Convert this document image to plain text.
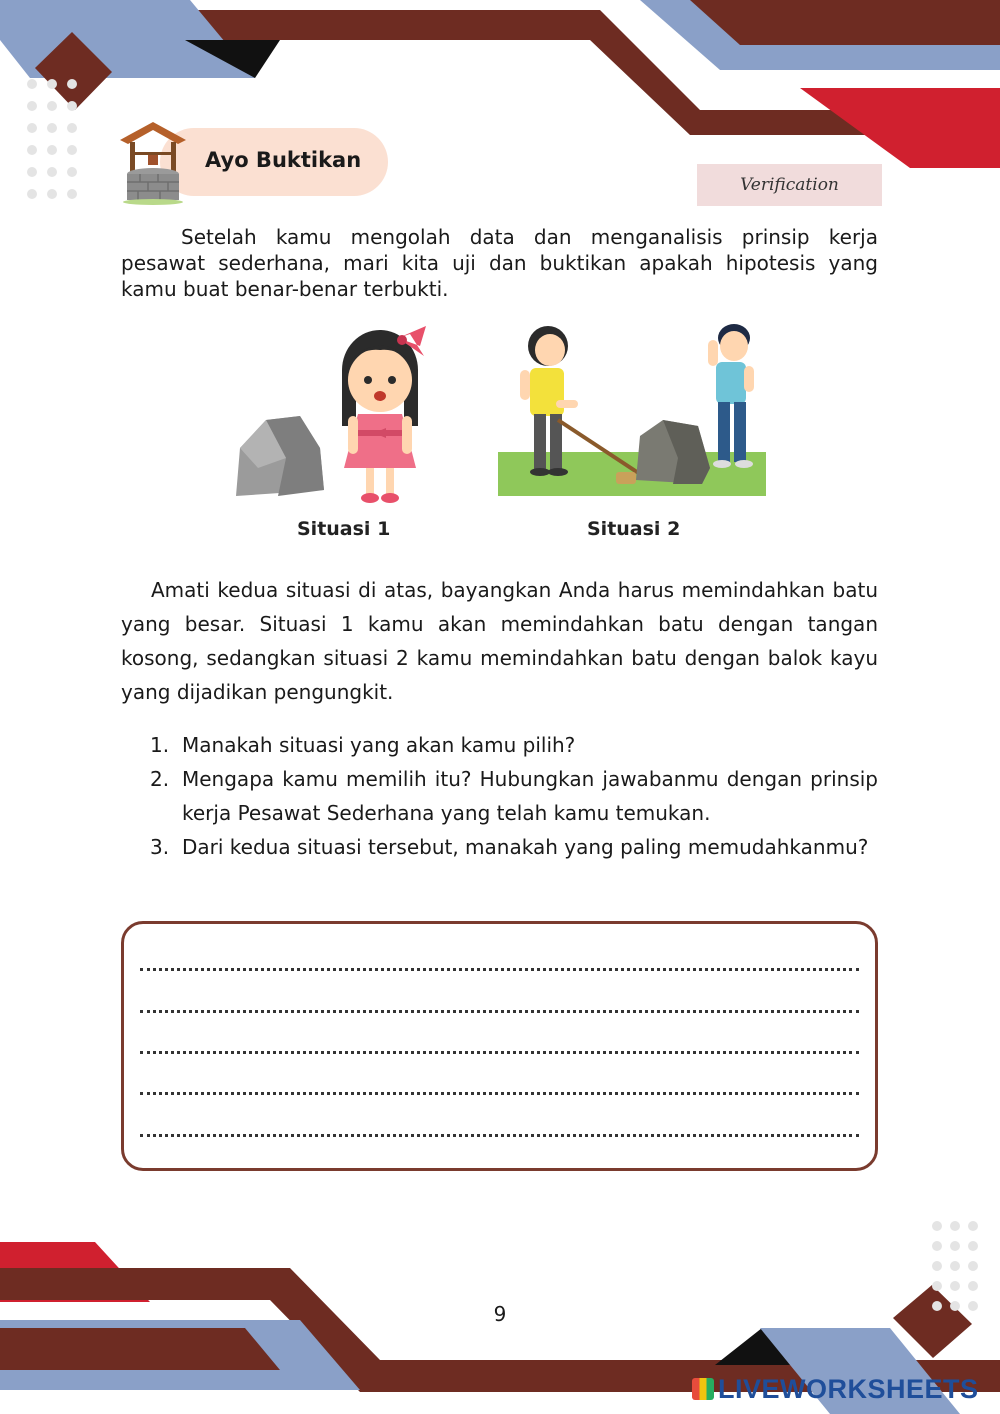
Ayo Buktikan
Verification
Setelah kamu mengolah data dan menganalisis prinsip kerja pesawat sederhana, mari kita uji dan buktikan apakah hipotesis yang kamu buat benar-benar terbukti.
Situasi 1	Situasi 2
Amati kedua situasi di atas, bayangkan Anda harus memindahkan batu yang besar. Situasi 1 kamu akan memindahkan batu dengan tangan kosong, sedangkan situasi 2 kamu memindahkan batu dengan balok kayu yang dijadikan pengungkit.
1. Manakah situasi yang akan kamu pilih?
2. Mengapa kamu memilih itu? Hubungkan jawabanmu dengan prinsip kerja Pesawat Sederhana yang telah kamu temukan.
3. Dari kedua situasi tersebut, manakah yang paling memudahkanmu?
9
LIVEWORKSHEETS
